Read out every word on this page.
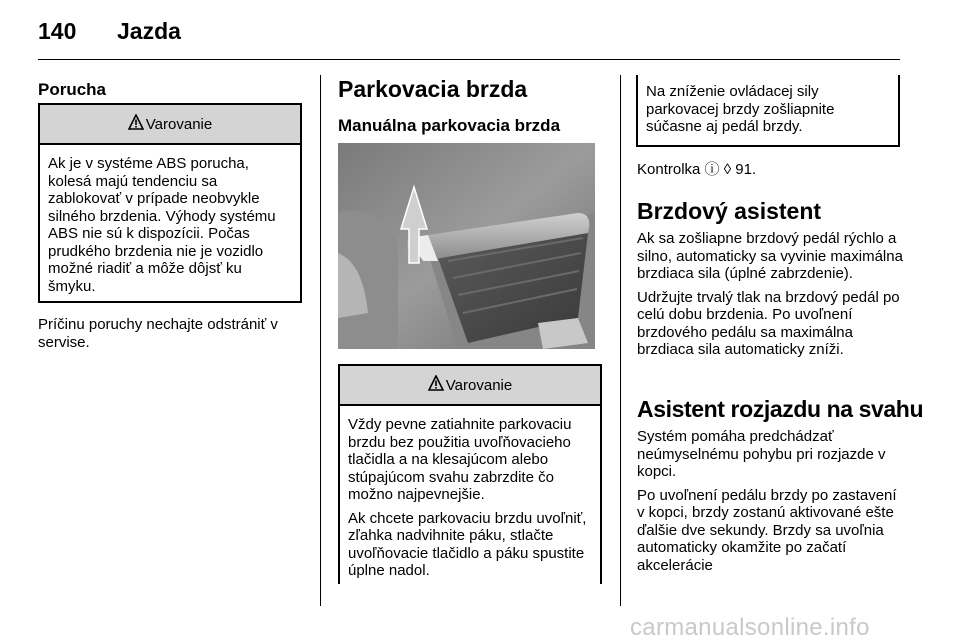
140 Jazda
Porucha
Varovanie

Ak je v systéme ABS porucha, kolesá majú tendenciu sa zablokovať v prípade neobvykle silného brzdenia. Výhody systému ABS nie sú k dispozícii. Počas prudkého brzdenia nie je vozidlo možné riadiť a môže dôjsť ku šmyku.

Príčinu poruchy nechajte odstrániť v servise.

Parkovacia brzda
Manuálna parkovacia brzda
Varovanie

Vždy pevne zatiahnite parkovaciu brzdu bez použitia uvoľňovacieho tlačidla a na klesajúcom alebo stúpajúcom svahu zabrzdite čo možno najpevnejšie.

Ak chcete parkovaciu brzdu uvoľniť, zľahka nadvihnite páku, stlačte uvoľňovacie tlačidlo a páku spustite úplne nadol.

Na zníženie ovládacej sily parkovacej brzdy zošliapnite súčasne aj pedál brzdy.

Kontrolka ⓘ ◊ 91.
Brzdový asistent

Ak sa zošliapne brzdový pedál rýchlo a silno, automaticky sa vyvinie maximálna brzdiaca sila (úplné zabrzdenie).

Udržujte trvalý tlak na brzdový pedál po celú dobu brzdenia. Po uvoľnení brzdového pedálu sa maximálna brzdiaca sila automaticky zníži.

Asistent rozjazdu na svahu

Systém pomáha predchádzať neúmyselnému pohybu pri rozjazde v kopci.

Po uvoľnení pedálu brzdy po zastavení v kopci, brzdy zostanú aktivované ešte ďalšie dve sekundy. Brzdy sa uvoľnia automaticky okamžite po začatí akcelerácie

carmanualsonline.info
